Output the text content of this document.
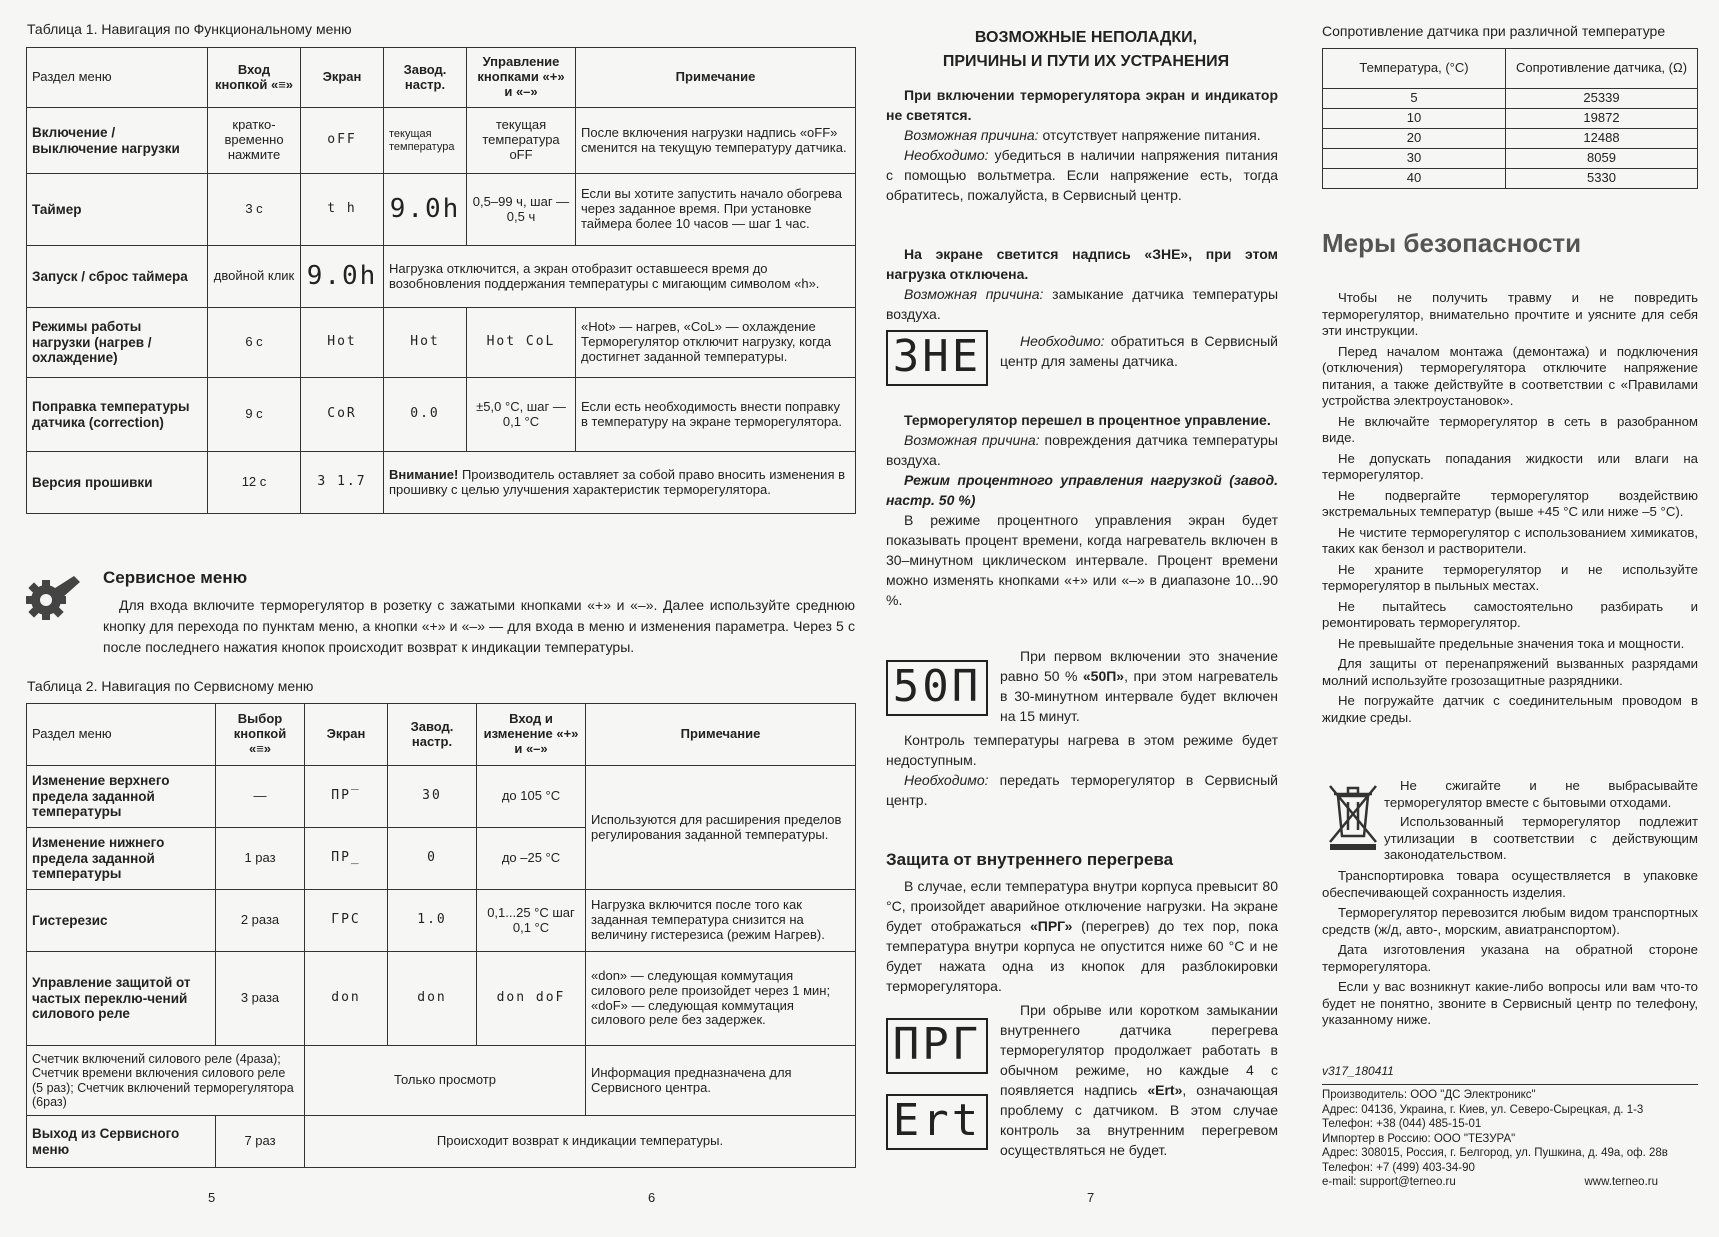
Таблица 1. Навигация по Функциональному меню
Раздел меню	Вход кнопкой «≡»	Экран	Завод. настр.	Управление кнопками «+» и «–»	Примечание
Включение / выключение нагрузки	кратко-временно нажмите	oFF	текущая температура	текущая температура oFF	После включения нагрузки надпись «oFF» сменится на текущую температуру датчика.
Таймер	3 с	t h	9.0h	0,5–99 ч, шаг — 0,5 ч	Если вы хотите запустить начало обогрева через заданное время. При установке таймера более 10 часов — шаг 1 час.
Запуск / сброс таймера	двойной клик	9.0h	Нагрузка отключится, а экран отобразит оставшееся время до возобновления поддержания температуры с мигающим символом «h».		
Режимы работы нагрузки (нагрев / охлаждение)	6 с	Hot	Hot	Hot CoL	«Hot» — нагрев, «CoL» — охлаждение Терморегулятор отключит нагрузку, когда достигнет заданной температуры.
Поправка температуры датчика (correction)	9 с	CoR	0.0	±5,0 °С, шаг — 0,1 °С	Если есть необходимость внести поправку в температуру на экране терморегулятора.
Версия прошивки	12 с	3 1.7	Внимание! Производитель оставляет за собой право вносить изменения в прошивку с целью улучшения характеристик терморегулятора.		
Сервисное меню
Для входа включите терморегулятор в розетку с зажатыми кнопками «+» и «–». Далее используйте среднюю кнопку для перехода по пунктам меню, а кнопки «+» и «–» — для входа в меню и изменения параметра. Через 5 с после последнего нажатия кнопок происходит возврат к индикации температуры.
Таблица 2. Навигация по Сервисному меню
Раздел меню	Выбор кнопкой «≡»	Экран	Завод. настр.	Вход и изменение «+» и «–»	Примечание
Изменение верхнего предела заданной температуры	—	ПР‾	30	до 105 °С	Используются для расширения пределов регулирования заданной температуры.
Изменение нижнего предела заданной температуры	1 раз	ПР_	0	до –25 °С	
Гистерезис	2 раза	ГРС	1.0	0,1...25 °С шаг 0,1 °С	Нагрузка включится после того как заданная температура снизится на величину гистерезиса (режим Нагрев).
Управление защитой от частых переклю-чений силового реле	3 раза	don	don	don doF	«don» — следующая коммутация силового реле произойдет через 1 мин; «doF» — следующая коммутация силового реле без задержек.
Счетчик включений силового реле (4раза); Счетчик времени включения силового реле (5 раз); Счетчик включений терморегулятора (6раз)		Только просмотр			Информация предназначена для Сервисного центра.
Выход из Сервисного меню	7 раз	Происходит возврат к индикации температуры.			
5	6	7
ВОЗМОЖНЫЕ НЕПОЛАДКИ,
ПРИЧИНЫ И ПУТИ ИХ УСТРАНЕНИЯ
При включении терморегулятора экран и индикатор не светятся.
Возможная причина: отсутствует напряжение питания.
Необходимо: убедиться в наличии напряжения питания с помощью вольтметра. Если напряжение есть, тогда обратитесь, пожалуйста, в Сервисный центр.
На экране светится надпись «ЗНЕ», при этом нагрузка отключена.
Возможная причина: замыкание датчика температуры воздуха.
ЗНЕ	Необходимо: обратиться в Сервисный центр для замены датчика.
Терморегулятор перешел в процентное управление.
Возможная причина: повреждения датчика температуры воздуха.
Режим процентного управления нагрузкой (завод. настр. 50 %)
В режиме процентного управления экран будет показывать процент времени, когда нагреватель включен в 30–минутном циклическом интервале. Процент времени можно изменять кнопками «+» или «–» в диапазоне 10...90 %.
50П
При первом включении это значение равно 50 % «50П», при этом нагреватель в 30-минутном интервале будет включен на 15 минут.
Контроль температуры нагрева в этом режиме будет недоступным.
Необходимо: передать терморегулятор в Сервисный центр.
Защита от внутреннего перегрева
В случае, если температура внутри корпуса превысит 80 °С, произойдет аварийное отключение нагрузки. На экране будет отображаться «ПРГ» (перегрев) до тех пор, пока температура внутри корпуса не опустится ниже 60 °С и не будет нажата одна из кнопок для разблокировки терморегулятора.
ПРГ
Ert
При обрыве или коротком замыкании внутреннего датчика перегрева терморегулятор продолжает работать в обычном режиме, но каждые 4 с появляется надпись «Ert», означающая проблему с датчиком. В этом случае контроль за внутренним перегревом осуществляться не будет.
Сопротивление датчика при различной температуре
Температура, (°С)	Сопротивление датчика, (Ω)
5	25339
10	19872
20	12488
30	8059
40	5330
Меры безопасности
Чтобы не получить травму и не повредить терморегулятор, внимательно прочтите и уясните для себя эти инструкции.
Перед началом монтажа (демонтажа) и подключения (отключения) терморегулятора отключите напряжение питания, а также действуйте в соответствии с «Правилами устройства электроустановок».
Не включайте терморегулятор в сеть в разобранном виде.
Не допускать попадания жидкости или влаги на терморегулятор.
Не подвергайте терморегулятор воздействию экстремальных температур (выше +45 °С или ниже –5 °С).
Не чистите терморегулятор с использованием химикатов, таких как бензол и растворители.
Не храните терморегулятор и не используйте терморегулятор в пыльных местах.
Не пытайтесь самостоятельно разбирать и ремонтировать терморегулятор.
Не превышайте предельные значения тока и мощности.
Для защиты от перенапряжений вызванных разрядами молний используйте грозозащитные разрядники.
Не погружайте датчик с соединительным проводом в жидкие среды.
Не сжигайте и не выбрасывайте терморегулятор вместе с бытовыми отходами.
Использованный терморегулятор подлежит утилизации в соответствии с действующим законодательством.
Транспортировка товара осуществляется в упаковке обеспечивающей сохранность изделия.
Терморегулятор перевозится любым видом транспортных средств (ж/д, авто-, морским, авиатранспортом).
Дата изготовления указана на обратной стороне терморегулятора.
Если у вас возникнут какие-либо вопросы или вам что-то будет не понятно, звоните в Сервисный центр по телефону, указанному ниже.
v317_180411
Производитель: ООО "ДС Электроникс"
Адрес: 04136, Украина, г. Киев, ул. Северо-Сырецкая, д. 1-3
Телефон: +38 (044) 485-15-01
Импортер в Россию: ООО "ТЕЗУРА"
Адрес: 308015, Россия, г. Белгород, ул. Пушкина, д. 49а, оф. 28в
Телефон: +7 (499) 403-34-90
e-mail: support@terneo.ru	www.terneo.ru
